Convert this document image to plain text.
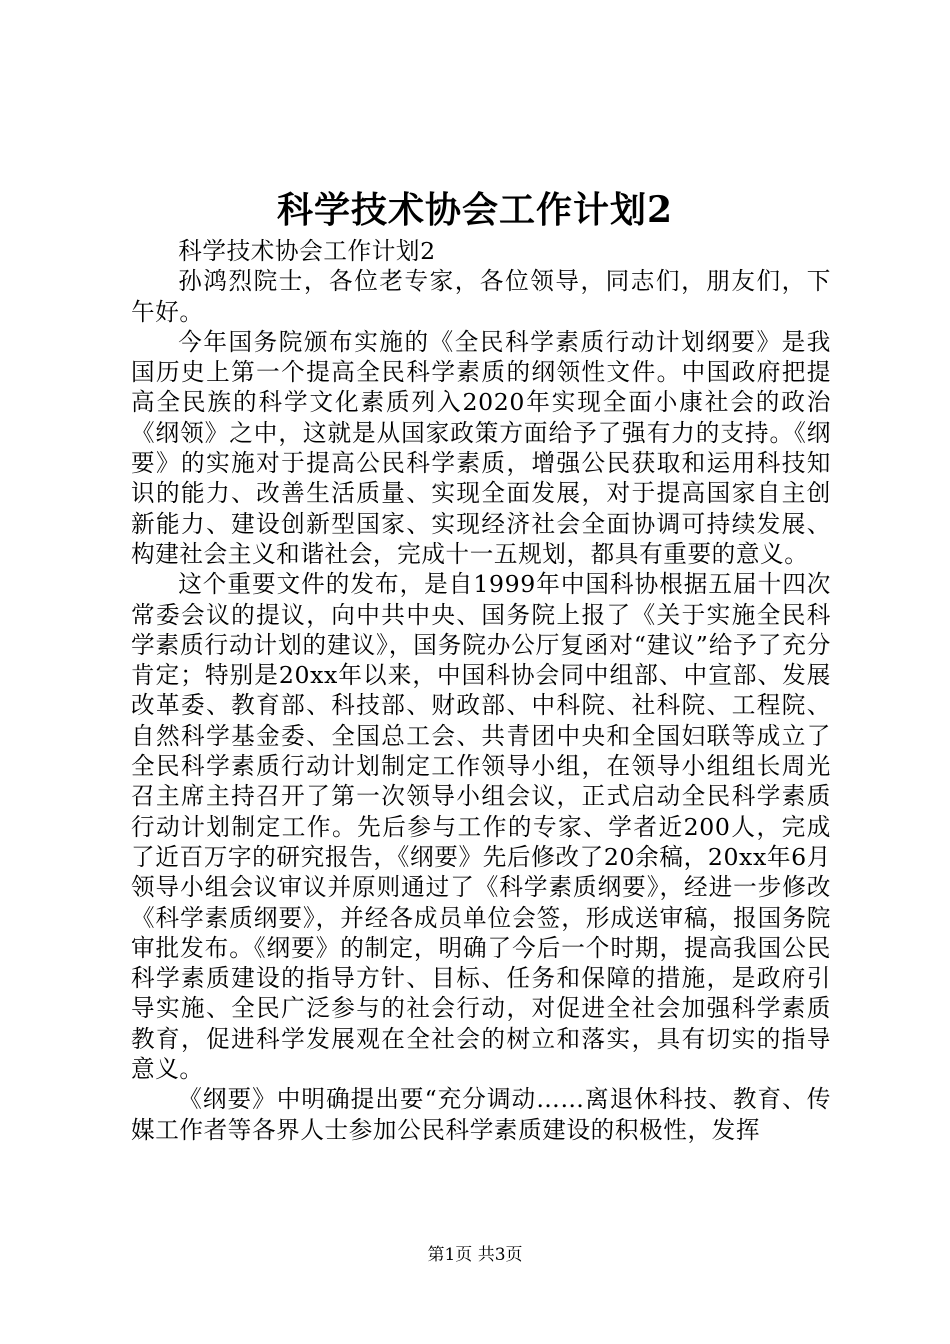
科学技术协会工作计划2

科学技术协会工作计划2

孙鸿烈院士，各位老专家，各位领导，同志们，朋友们，下午好。

今年国务院颁布实施的《全民科学素质行动计划纲要》是我国历史上第一个提高全民科学素质的纲领性文件。中国政府把提高全民族的科学文化素质列入2020年实现全面小康社会的政治《纲领》之中，这就是从国家政策方面给予了强有力的支持。《纲要》的实施对于提高公民科学素质，增强公民获取和运用科技知识的能力、改善生活质量、实现全面发展，对于提高国家自主创新能力、建设创新型国家、实现经济社会全面协调可持续发展、构建社会主义和谐社会，完成十一五规划，都具有重要的意义。

这个重要文件的发布，是自1999年中国科协根据五届十四次常委会议的提议，向中共中央、国务院上报了《关于实施全民科学素质行动计划的建议》，国务院办公厅复函对“建议”给予了充分肯定；特别是20xx年以来，中国科协会同中组部、中宣部、发展改革委、教育部、科技部、财政部、中科院、社科院、工程院、自然科学基金委、全国总工会、共青团中央和全国妇联等成立了全民科学素质行动计划制定工作领导小组，在领导小组组长周光召主席主持召开了第一次领导小组会议，正式启动全民科学素质行动计划制定工作。先后参与工作的专家、学者近200人，完成了近百万字的研究报告，《纲要》先后修改了20余稿，20xx年6月领导小组会议审议并原则通过了《科学素质纲要》，经进一步修改《科学素质纲要》，并经各成员单位会签，形成送审稿，报国务院审批发布。《纲要》的制定，明确了今后一个时期，提高我国公民科学素质建设的指导方针、目标、任务和保障的措施，是政府引导实施、全民广泛参与的社会行动，对促进全社会加强科学素质教育，促进科学发展观在全社会的树立和落实，具有切实的指导意义。

《纲要》中明确提出要“充分调动……离退休科技、教育、传媒工作者等各界人士参加公民科学素质建设的积极性，发挥

第1页 共3页
